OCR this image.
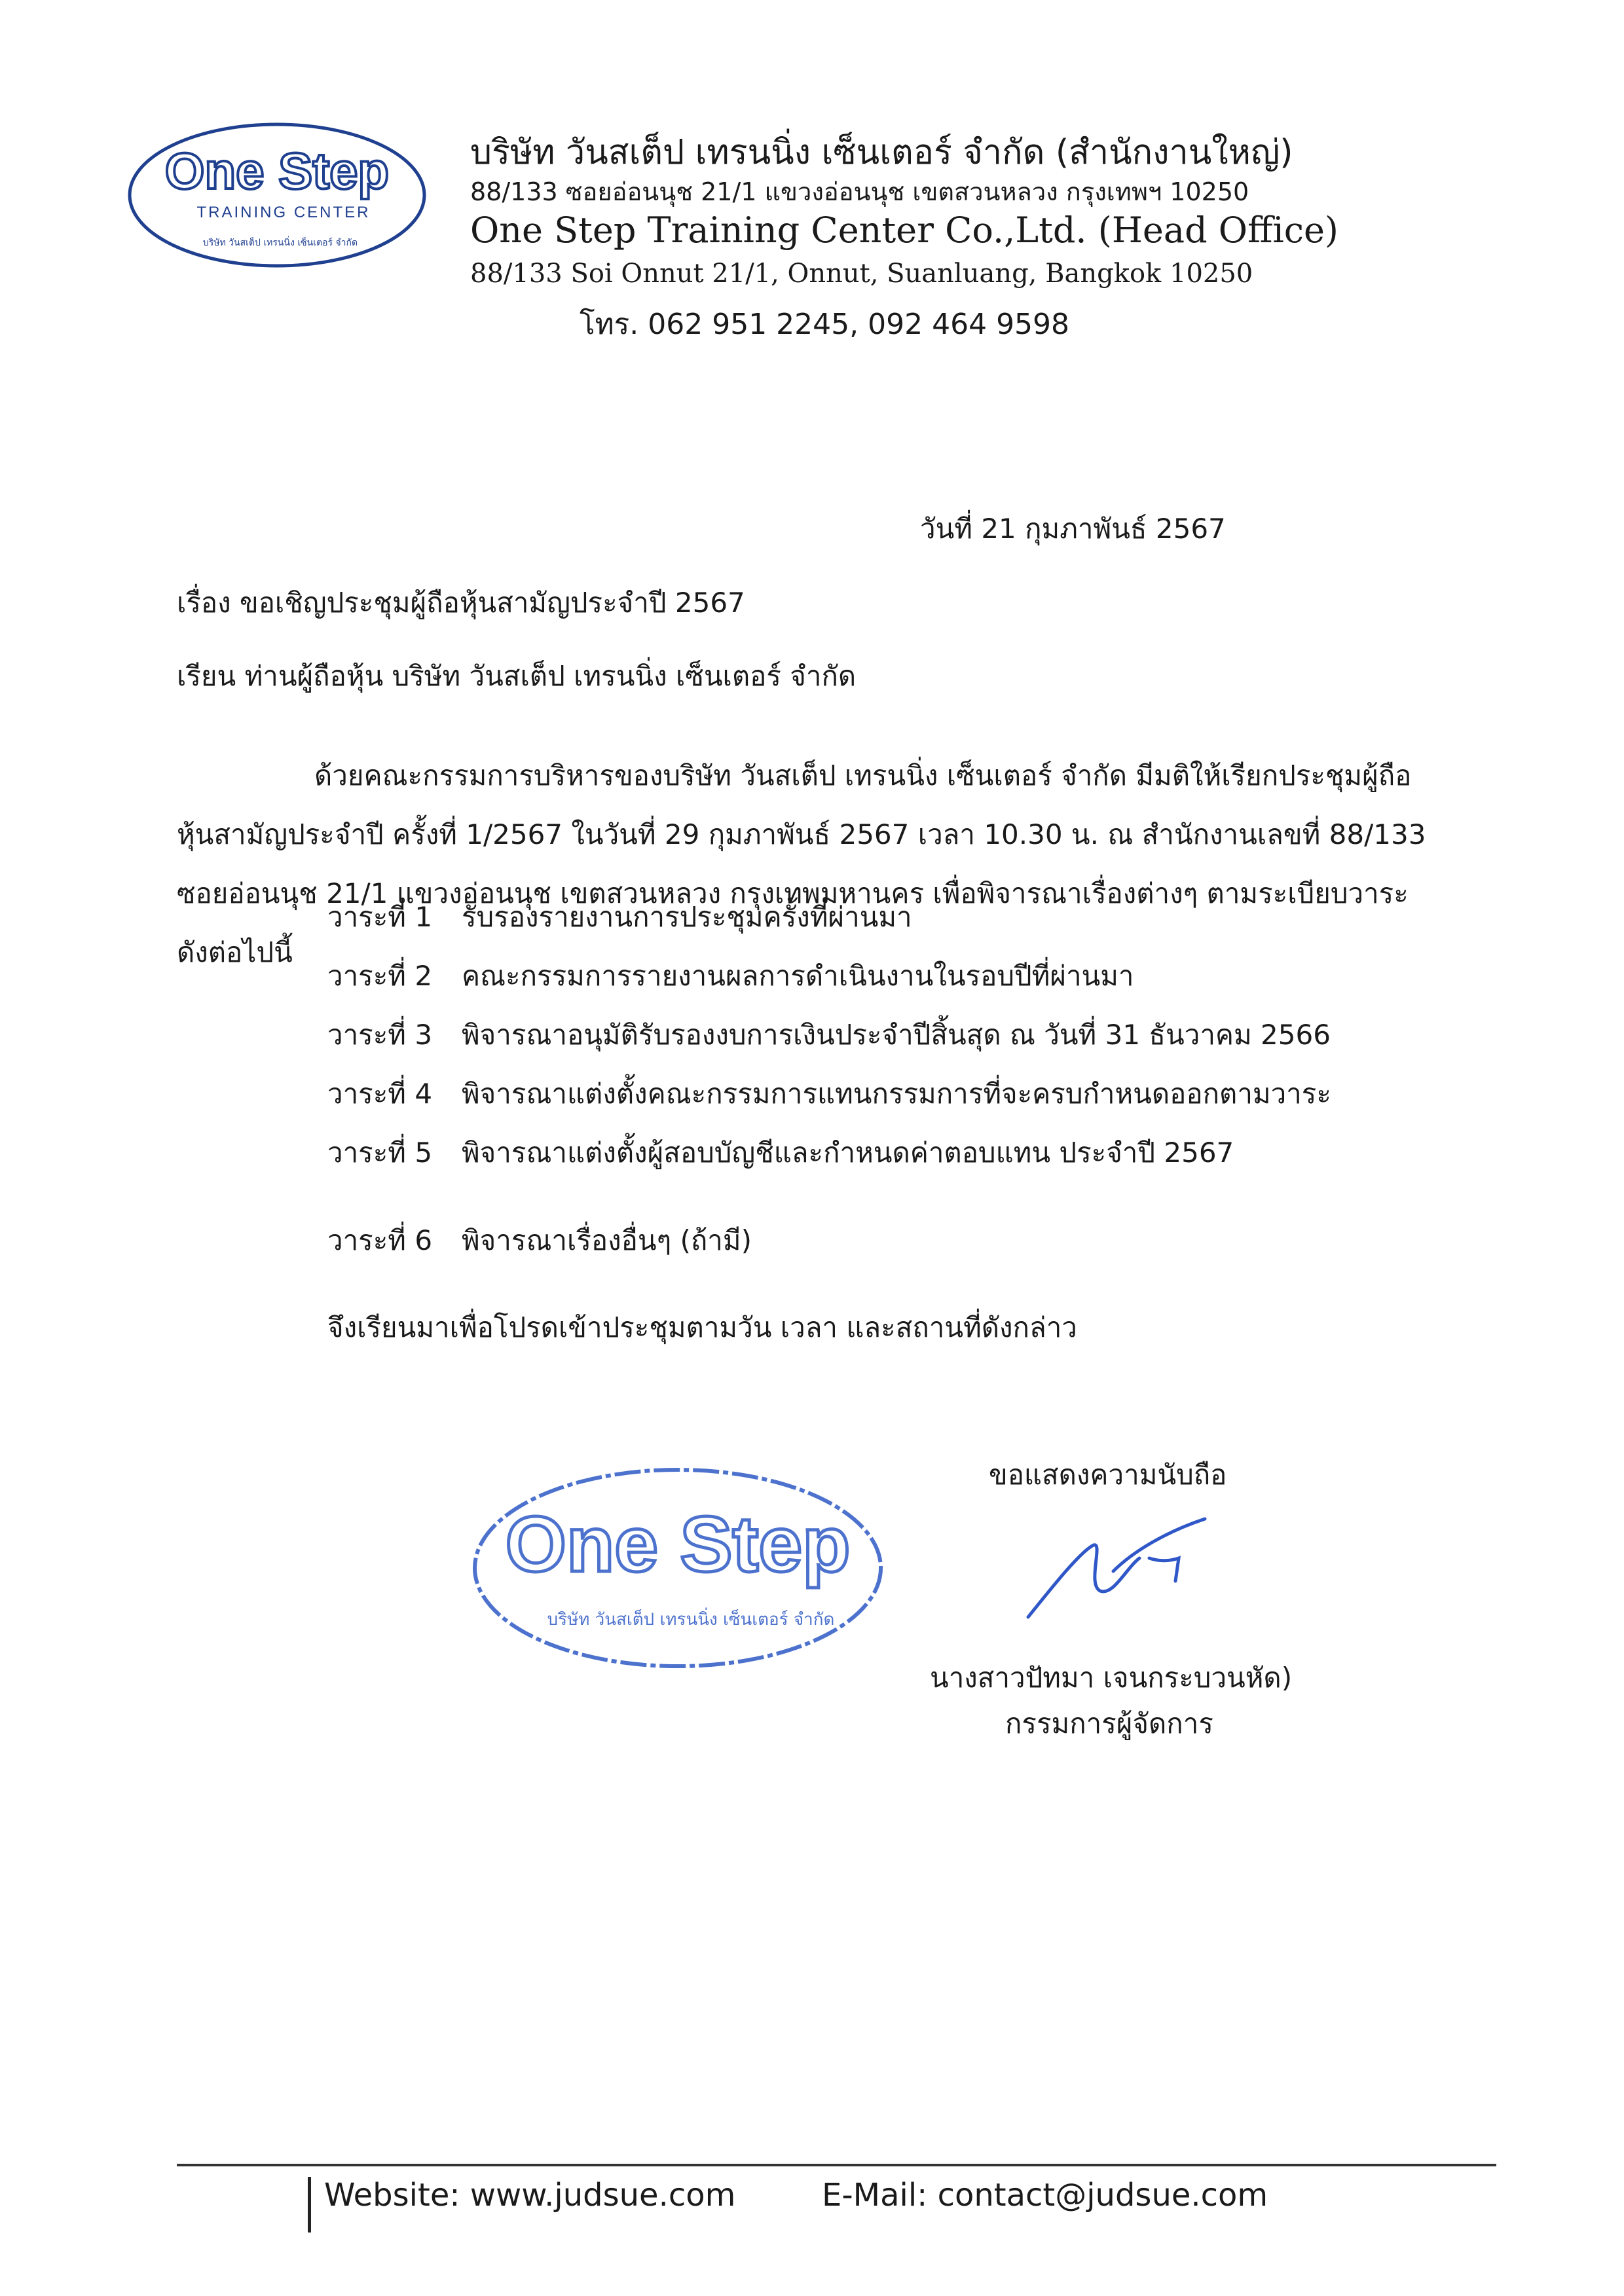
One Step
TRAINING CENTER
บริษัท วันสเต็ป เทรนนิ่ง เซ็นเตอร์ จำกัด
บริษัท วันสเต็ป เทรนนิ่ง เซ็นเตอร์ จำกัด (สำนักงานใหญ่)
88/133 ซอยอ่อนนุช 21/1 แขวงอ่อนนุช เขตสวนหลวง กรุงเทพฯ 10250
One Step Training Center Co.,Ltd. (Head Office)
88/133 Soi Onnut 21/1, Onnut, Suanluang, Bangkok 10250
โทร. 062 951 2245, 092 464 9598
วันที่ 21 กุมภาพันธ์ 2567
เรื่อง ขอเชิญประชุมผู้ถือหุ้นสามัญประจำปี 2567
เรียน ท่านผู้ถือหุ้น บริษัท วันสเต็ป เทรนนิ่ง เซ็นเตอร์ จำกัด
ด้วยคณะกรรมการบริหารของบริษัท วันสเต็ป เทรนนิ่ง เซ็นเตอร์ จำกัด มีมติให้เรียกประชุมผู้ถือ
หุ้นสามัญประจำปี ครั้งที่ 1/2567 ในวันที่ 29 กุมภาพันธ์ 2567 เวลา 10.30 น. ณ สำนักงานเลขที่ 88/133
ซอยอ่อนนุช 21/1 แขวงอ่อนนุช เขตสวนหลวง กรุงเทพมหานคร เพื่อพิจารณาเรื่องต่างๆ ตามระเบียบวาระ
ดังต่อไปนี้
วาระที่ 1 รับรองรายงานการประชุมครั้งที่ผ่านมา
วาระที่ 2 คณะกรรมการรายงานผลการดำเนินงานในรอบปีที่ผ่านมา
วาระที่ 3 พิจารณาอนุมัติรับรองงบการเงินประจำปีสิ้นสุด ณ วันที่ 31 ธันวาคม 2566
วาระที่ 4 พิจารณาแต่งตั้งคณะกรรมการแทนกรรมการที่จะครบกำหนดออกตามวาระ
วาระที่ 5 พิจารณาแต่งตั้งผู้สอบบัญชีและกำหนดค่าตอบแทน ประจำปี 2567
วาระที่ 6 พิจารณาเรื่องอื่นๆ (ถ้ามี)
จึงเรียนมาเพื่อโปรดเข้าประชุมตามวัน เวลา และสถานที่ดังกล่าว
One Step
บริษัท วันสเต็ป เทรนนิ่ง เซ็นเตอร์ จำกัด
ขอแสดงความนับถือ
นางสาวปัทมา เจนกระบวนหัด)
กรรมการผู้จัดการ
Website: www.judsue.com	E-Mail: contact@judsue.com
